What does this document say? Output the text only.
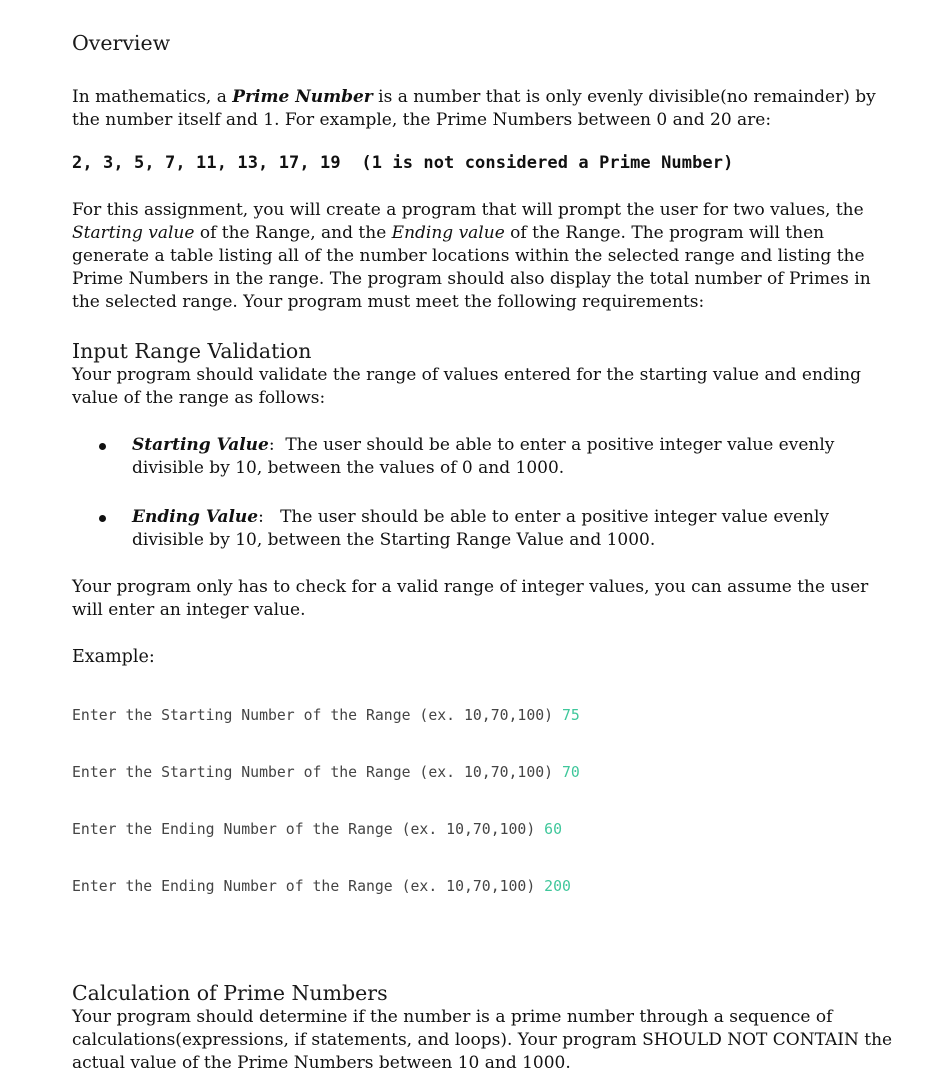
Overview

In mathematics, a Prime Number is a number that is only evenly divisible(no remainder) by the number itself and 1. For example, the Prime Numbers between 0 and 20 are:

2, 3, 5, 7, 11, 13, 17, 19  (1 is not considered a Prime Number)

For this assignment, you will create a program that will prompt the user for two values, the Starting value of the Range, and the Ending value of the Range. The program will then generate a table listing all of the number locations within the selected range and listing the Prime Numbers in the range. The program should also display the total number of Primes in the selected range. Your program must meet the following requirements:

Input Range Validation

Your program should validate the range of values entered for the starting value and ending value of the range as follows:

Starting Value:  The user should be able to enter a positive integer value evenly divisible by 10, between the values of 0 and 1000.
Ending Value:   The user should be able to enter a positive integer value evenly divisible by 10, between the Starting Range Value and 1000.

Your program only has to check for a valid range of integer values, you can assume the user will enter an integer value.

Example:

Enter the Starting Number of the Range (ex. 10,70,100) 75

Enter the Starting Number of the Range (ex. 10,70,100) 70

Enter the Ending Number of the Range (ex. 10,70,100) 60

Enter the Ending Number of the Range (ex. 10,70,100) 200

Calculation of Prime Numbers

Your program should determine if the number is a prime number through a sequence of calculations(expressions, if statements, and loops). Your program SHOULD NOT CONTAIN the actual value of the Prime Numbers between 10 and 1000.
